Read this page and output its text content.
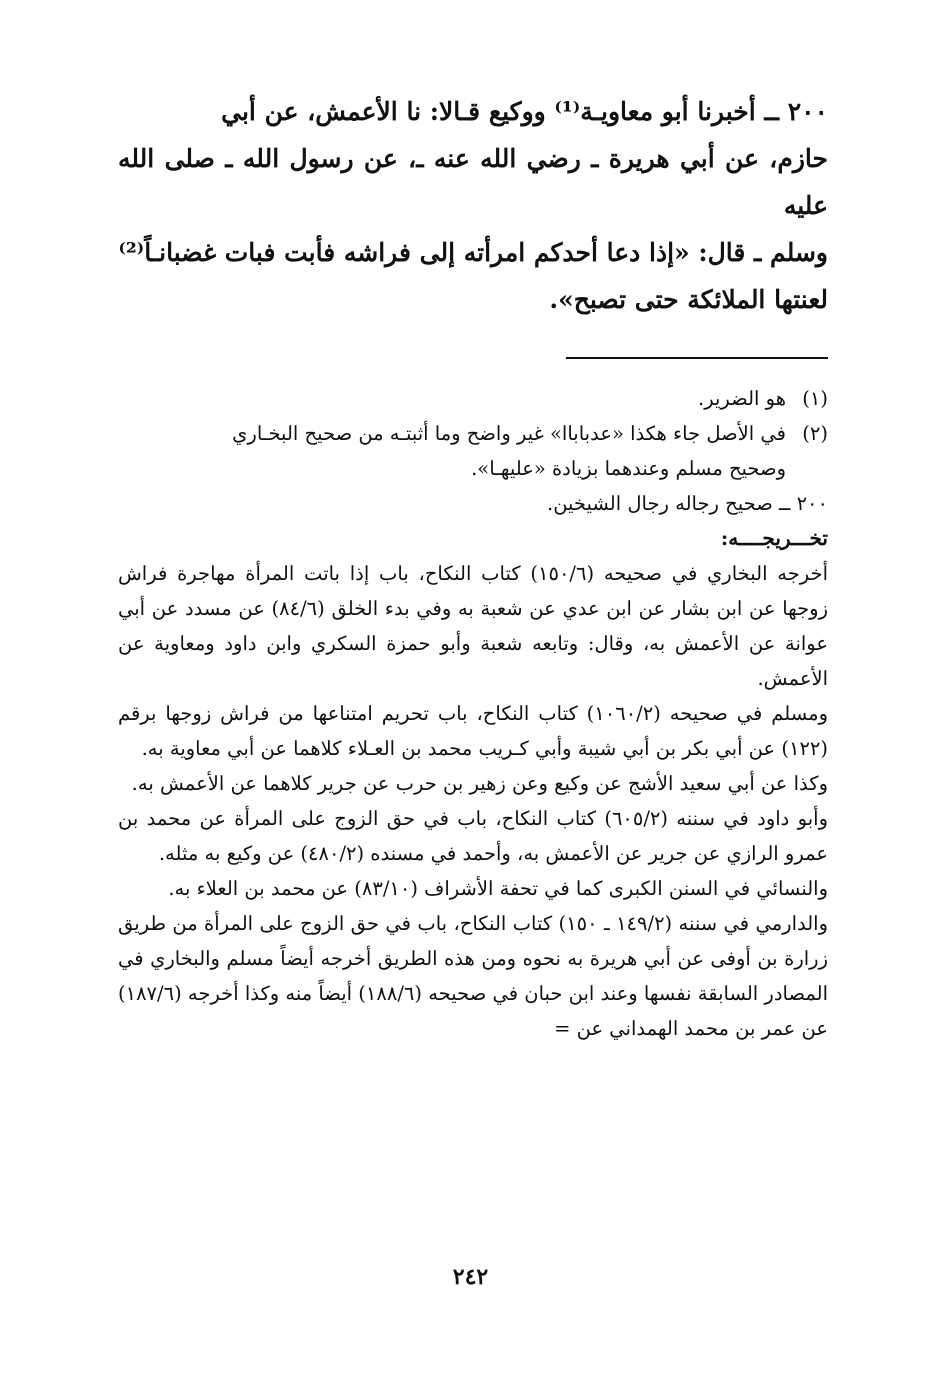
٢٠٠ ــ أخبرنا أبو معاويـة⁽¹⁾ ووكيع قـالا: نا الأعمش، عن أبي

حازم، عن أبي هريرة ـ رضي الله عنه ـ، عن رسول الله ـ صلى الله عليه

وسلم ـ قال: «إذا دعا أحدكم امرأته إلى فراشه فأبت فبات غضبانـاً⁽²⁾

لعنتها الملائكة حتى تصبح».

(١)
هو الضرير.
(٢)
في الأصل جاء هكذا «عدباباا» غير واضح وما أثبتـه من صحيح البخـاري

وصحيح مسلم وعندهما بزيادة «عليهـا».

٢٠٠ ــ صحيح رجاله رجال الشيخين.

تخـــريجــــه:

أخرجه البخاري في صحيحه (١٥٠/٦) كتاب النكاح، باب إذا باتت المرأة مهاجرة فراش زوجها عن ابن بشار عن ابن عدي عن شعبة به وفي بدء الخلق (٨٤/٦) عن مسدد عن أبي عوانة عن الأعمش به، وقال: وتابعه شعبة وأبو حمزة السكري وابن داود ومعاوية عن الأعمش.

ومسلم في صحيحه (١٠٦٠/٢) كتاب النكاح، باب تحريم امتناعها من فراش زوجها برقم (١٢٢) عن أبي بكر بن أبي شيبة وأبي كـريب محمد بن العـلاء كلاهما عن أبي معاوية به.

وكذا عن أبي سعيد الأشج عن وكيع وعن زهير بن حرب عن جرير كلاهما عن الأعمش به.

وأبو داود في سننه (٦٠٥/٢) كتاب النكاح، باب في حق الزوج على المرأة عن محمد بن عمرو الرازي عن جرير عن الأعمش به، وأحمد في مسنده (٤٨٠/٢) عن وكيع به مثله.

والنسائي في السنن الكبرى كما في تحفة الأشراف (٨٣/١٠) عن محمد بن العلاء به.

والدارمي في سننه (١٤٩/٢ ـ ١٥٠) كتاب النكاح، باب في حق الزوج على المرأة من طريق زرارة بن أوفى عن أبي هريرة به نحوه ومن هذه الطريق أخرجه أيضاً مسلم والبخاري في المصادر السابقة نفسها وعند ابن حبان في صحيحه (١٨٨/٦) أيضاً منه وكذا أخرجه (١٨٧/٦) عن عمر بن محمد الهمداني عن =

٢٤٢
